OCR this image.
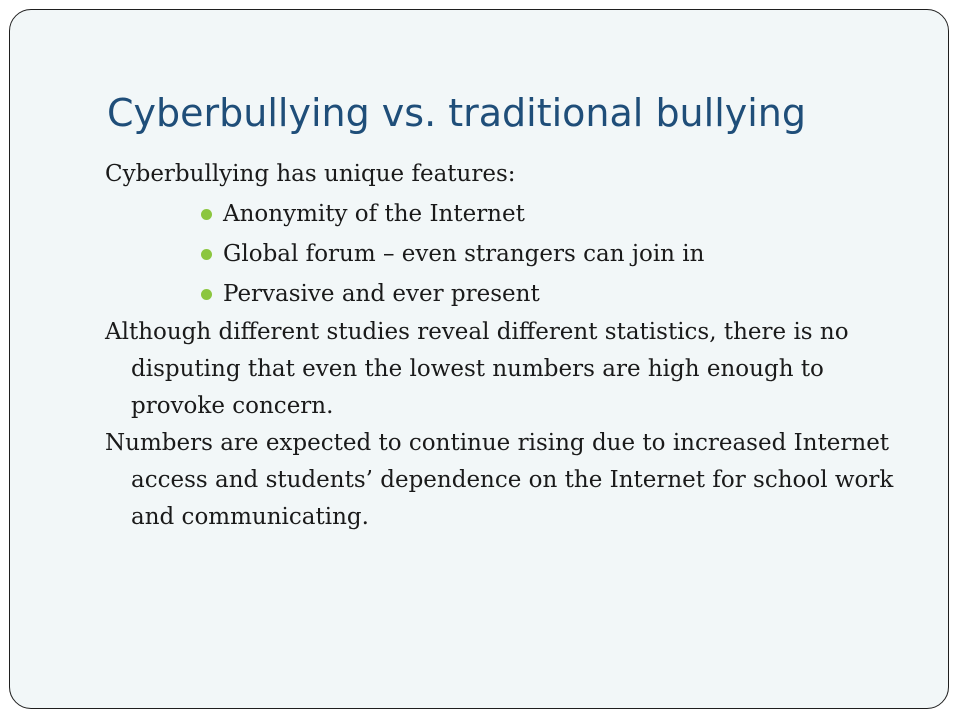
Cyberbullying vs. traditional bullying

Cyberbullying has unique features:

Anonymity of the Internet
Global forum – even strangers can join in
Pervasive and ever present

Although different studies reveal different statistics, there is no disputing that even the lowest numbers are high enough to provoke concern.

Numbers are expected to continue rising due to increased Internet access and students’ dependence on the Internet for school work and communicating.
